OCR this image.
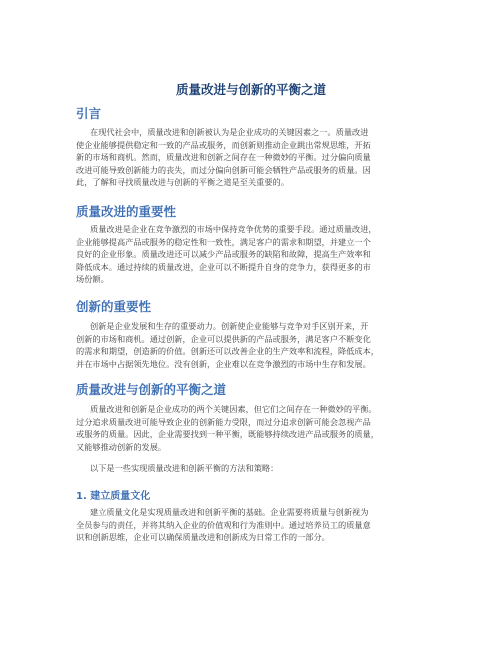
质量改进与创新的平衡之道
引言
在现代社会中，质量改进和创新被认为是企业成功的关键因素之一。质量改进
使企业能够提供稳定和一致的产品或服务，而创新则推动企业跳出常规思维，开拓
新的市场和商机。然而，质量改进和创新之间存在一种微妙的平衡。过分偏向质量
改进可能导致创新能力的丧失，而过分偏向创新可能会牺牲产品或服务的质量。因
此，了解和寻找质量改进与创新的平衡之道是至关重要的。
质量改进的重要性
质量改进是企业在竞争激烈的市场中保持竞争优势的重要手段。通过质量改进，
企业能够提高产品或服务的稳定性和一致性，满足客户的需求和期望，并建立一个
良好的企业形象。质量改进还可以减少产品或服务的缺陷和故障，提高生产效率和
降低成本。通过持续的质量改进，企业可以不断提升自身的竞争力，获得更多的市
场份额。
创新的重要性
创新是企业发展和生存的重要动力。创新使企业能够与竞争对手区别开来，开
创新的市场和商机。通过创新，企业可以提供新的产品或服务，满足客户不断变化
的需求和期望，创造新的价值。创新还可以改善企业的生产效率和流程，降低成本，
并在市场中占据领先地位。没有创新，企业难以在竞争激烈的市场中生存和发展。
质量改进与创新的平衡之道
质量改进和创新是企业成功的两个关键因素，但它们之间存在一种微妙的平衡。
过分追求质量改进可能导致企业的创新能力受限，而过分追求创新可能会忽视产品
或服务的质量。因此，企业需要找到一种平衡，既能够持续改进产品或服务的质量，
又能够推动创新的发展。
以下是一些实现质量改进和创新平衡的方法和策略：
1. 建立质量文化
建立质量文化是实现质量改进和创新平衡的基础。企业需要将质量与创新视为
全员参与的责任，并将其纳入企业的价值观和行为准则中。通过培养员工的质量意
识和创新思维，企业可以确保质量改进和创新成为日常工作的一部分。
